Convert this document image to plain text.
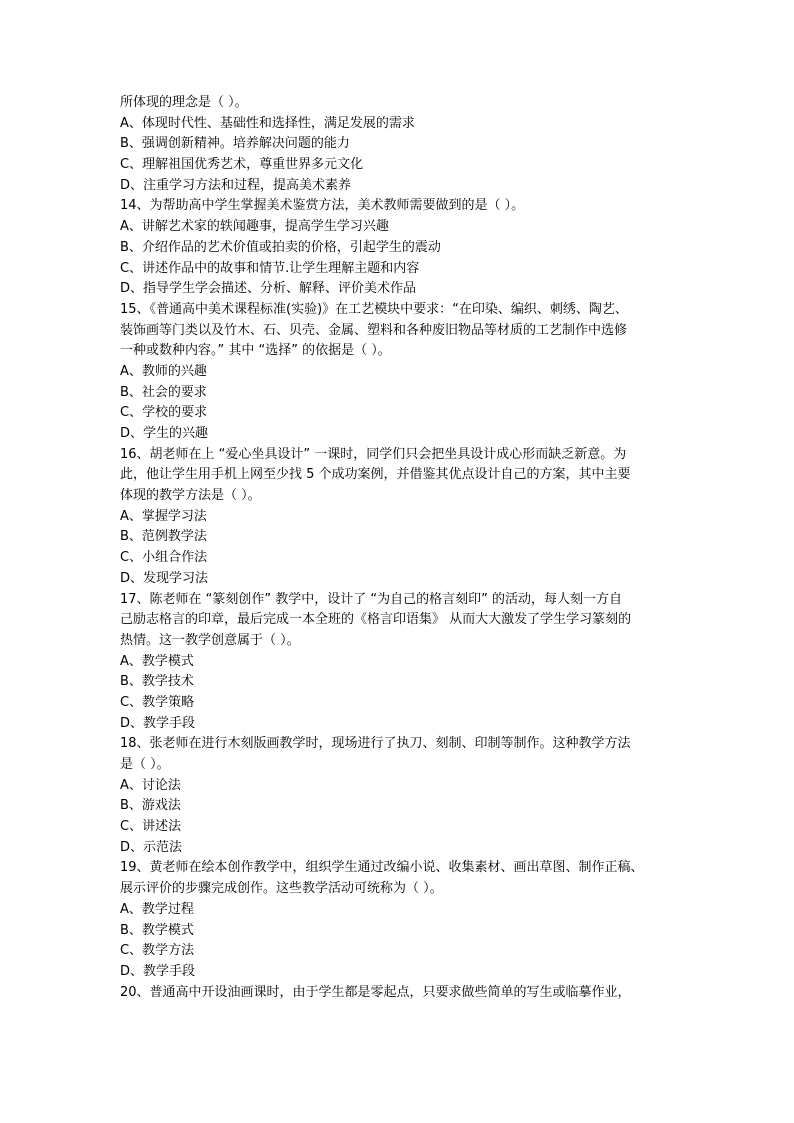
所体现的理念是（ ）。
A、体现时代性、基础性和选择性，满足发展的需求
B、强调创新精神。培养解决问题的能力
C、理解祖国优秀艺术，尊重世界多元文化
D、注重学习方法和过程，提高美术素养
14、为帮助高中学生掌握美术鉴赏方法，美术教师需要做到的是（ ）。
A、讲解艺术家的轶闻趣事，提高学生学习兴趣
B、介绍作品的艺术价值或拍卖的价格，引起学生的震动
C、讲述作品中的故事和情节.让学生理解主题和内容
D、指导学生学会描述、分析、解释、评价美术作品
15、《普通高中美术课程标准(实验)》在工艺模块中要求：“在印染、编织、刺绣、陶艺、
装饰画等门类以及竹木、石、贝壳、金属、塑料和各种废旧物品等材质的工艺制作中选修
一种或数种内容。” 其中 “选择” 的依据是（ ）。
A、教师的兴趣
B、社会的要求
C、学校的要求
D、学生的兴趣
16、胡老师在上 “爱心坐具设计” 一课时，同学们只会把坐具设计成心形而缺乏新意。为
此，他让学生用手机上网至少找 5 个成功案例，并借鉴其优点设计自己的方案，其中主要
体现的教学方法是（ ）。
A、掌握学习法
B、范例教学法
C、小组合作法
D、发现学习法
17、陈老师在 “篆刻创作” 教学中，设计了 “为自己的格言刻印” 的活动，每人刻一方自
己励志格言的印章，最后完成一本全班的《格言印语集》 从而大大激发了学生学习篆刻的
热情。这一教学创意属于（ ）。
A、教学模式
B、教学技术
C、教学策略
D、教学手段
18、张老师在进行木刻版画教学时，现场进行了执刀、刻制、印制等制作。这种教学方法
是（ ）。
A、讨论法
B、游戏法
C、讲述法
D、示范法
19、黄老师在绘本创作教学中，组织学生通过改编小说、收集素材、画出草图、制作正稿、
展示评价的步骤完成创作。这些教学活动可统称为（ ）。
A、教学过程
B、教学模式
C、教学方法
D、教学手段
20、普通高中开设油画课时，由于学生都是零起点，只要求做些简单的写生或临摹作业，
